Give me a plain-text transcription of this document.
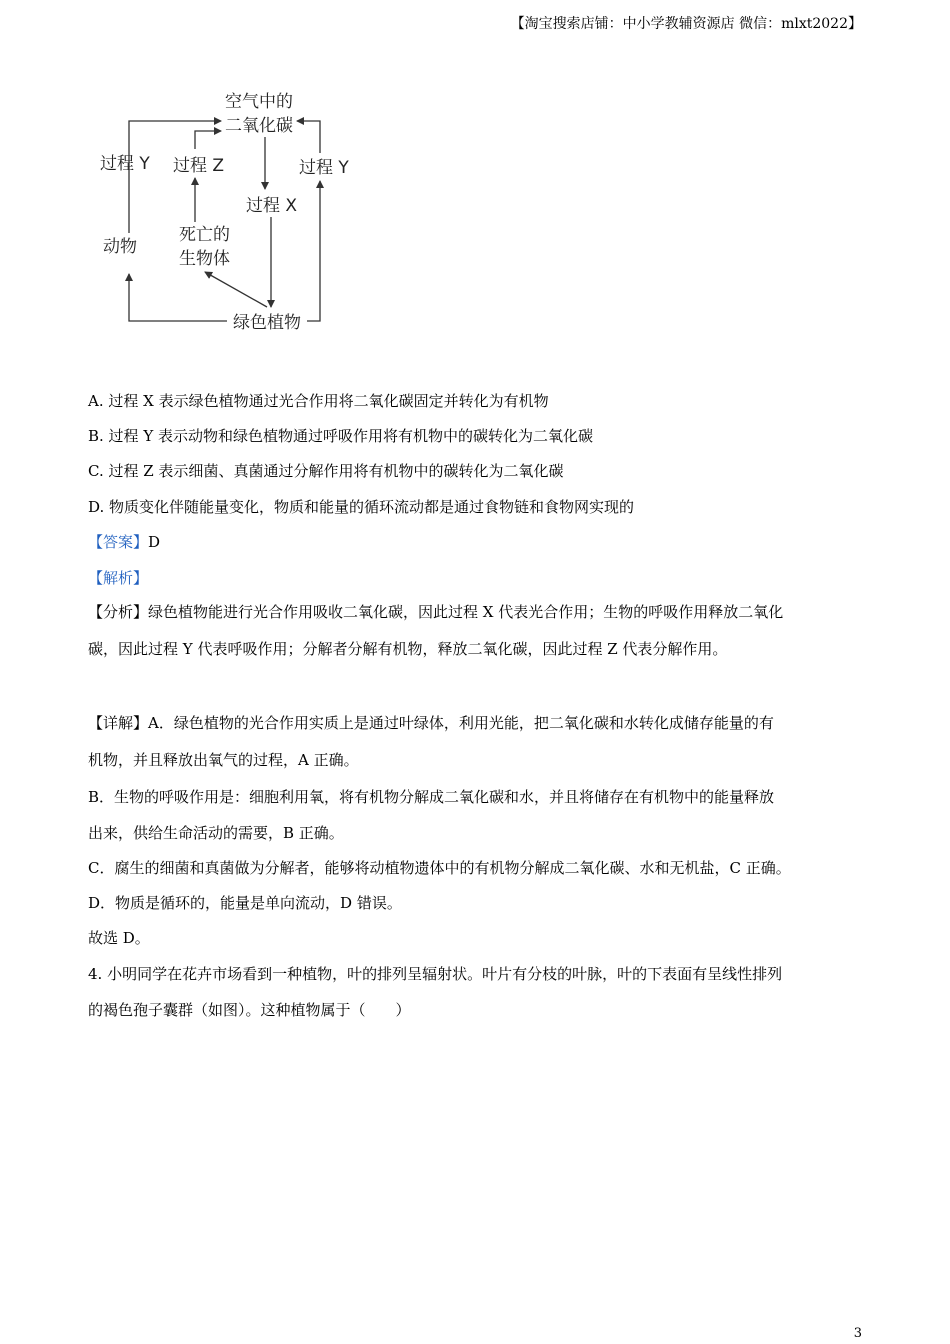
【淘宝搜索店铺：中小学教辅资源店 微信：mlxt2022】
空气中的
二氧化碳
过程 Y 过程 Z	过程 Y
过程 X
动物
死亡的
生物体
绿色植物
A. 过程 X 表示绿色植物通过光合作用将二氧化碳固定并转化为有机物
B. 过程 Y 表示动物和绿色植物通过呼吸作用将有机物中的碳转化为二氧化碳
C. 过程 Z 表示细菌、真菌通过分解作用将有机物中的碳转化为二氧化碳
D. 物质变化伴随能量变化，物质和能量的循环流动都是通过食物链和食物网实现的
【答案】D
【解析】
【分析】绿色植物能进行光合作用吸收二氧化碳，因此过程 X 代表光合作用；生物的呼吸作用释放二氧化
碳，因此过程 Y 代表呼吸作用；分解者分解有机物，释放二氧化碳，因此过程 Z 代表分解作用。
【详解】A．绿色植物的光合作用实质上是通过叶绿体，利用光能，把二氧化碳和水转化成储存能量的有
机物，并且释放出氧气的过程，A 正确。
B．生物的呼吸作用是：细胞利用氧，将有机物分解成二氧化碳和水，并且将储存在有机物中的能量释放
出来，供给生命活动的需要，B 正确。
C．腐生的细菌和真菌做为分解者，能够将动植物遗体中的有机物分解成二氧化碳、水和无机盐，C 正确。
D．物质是循环的，能量是单向流动，D 错误。
故选 D。
4. 小明同学在花卉市场看到一种植物，叶的排列呈辐射状。叶片有分枝的叶脉，叶的下表面有呈线性排列
的褐色孢子囊群（如图）。这种植物属于（　　）
3
